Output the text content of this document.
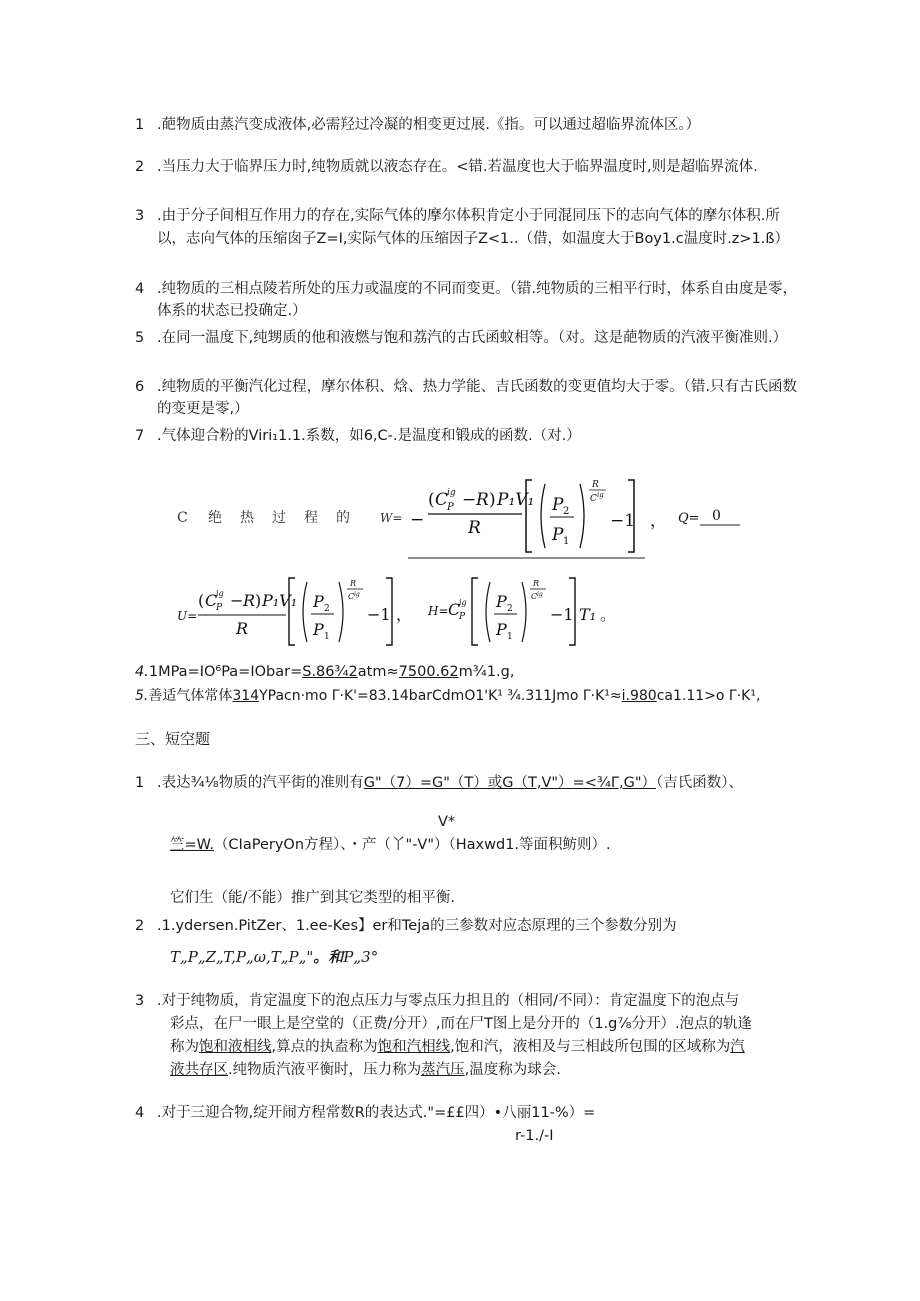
1 .葩物质由蒸汽变成液体,必需羟过冷凝的相变更过展.《指。可以通过超临界流体区。）
2 .当压力大于临界压力时,纯物质就以液态存在。<错.若温度也大于临界温度时,则是超临界流体.
3 .由于分子间相互作用力的存在,实际气体的摩尔体积肯定小于同混同压下的志向气体的摩尔体积.所以，志向气体的压缩囱子Z=I,实际气体的压缩因子Z<1..（借，如温度大于Boy1.c温度时.z>1.ß）
4 .纯物质的三相点陵若所处的压力或温度的不同而变更。（错.纯物质的三相平行时，体系自由度是零，体系的状态已投确定.）
5 .在同一温度下,纯甥质的他和液燃与饱和荔汽的古氏函蚊相等。（对。这是葩物质的汽液平衡准则.）
6 .纯物质的平衡汽化过程，摩尔体积、焓、热力学能、吉氏函数的变更值均大于零。（错.只有古氏函数的变更是零,）
7 .气体迎合粉的Viri₁1.1.系数，如6,C-.是温度和锻成的函数.（对.）
C 绝 热 过 程 的	W= −
( C
P
ig − R ) P₁V₁
R
P 2
P 1
R
C ig
−1 ， Q= 0
U=
( C
P
ig − R ) P₁V₁
R
P 2
P 1
R
C ig
−1 ， H= C
P
ig P 2
P 1
R
C ig
−1 T₁ 。
4.1MPa=IO⁶Pa=IObar=S.86¾2atm≈7500.62m¾1.g,
5.善适气体常体314YPacn·mo Γ·K'=83.14barCdmO1'K¹ ¾.311Jmo Γ·K¹≈i.980ca1.11>o Γ·K¹,
三、短空题
1 .表达¾⅛物质的汽平街的准则有G"（7）=G"（T）或G（T,V"）=<¾Γ,G"）（吉氏函数）、
V*
竺=W.（CIaPeryOn方程）、・产（丫"-V"）（Haxwd1.等面积鲂则）.
它们生（能/不能）推广到其它类型的相平衡.
2 .1.ydersen.PitZer、1.ee-Kes】er和Teja的三参数对应态原理的三个参数分别为
T„P„Z„T,P„ω,T„P„"。和P„3°
3 .对于纯物质，肯定温度下的泡点压力与零点压力担且的（相同/不同）：肯定温度下的泡点与
彩点，在尸一眼上是空堂的（正费/分开）,而在尸T图上是分开的（1.g⅞分开）.泡点的轨逢
称为饱和液相线,算点的执盍称为饱和汽相线,饱和汽，液相及与三相歧所包围的区域称为汽
液共存区.纯物质汽液平衡时，压力称为蒸汽压,温度称为球会.
4 .对于三迎合物,绽开闹方程常数R的表达式."=££四）•八丽11-%）=
r-1./-I
